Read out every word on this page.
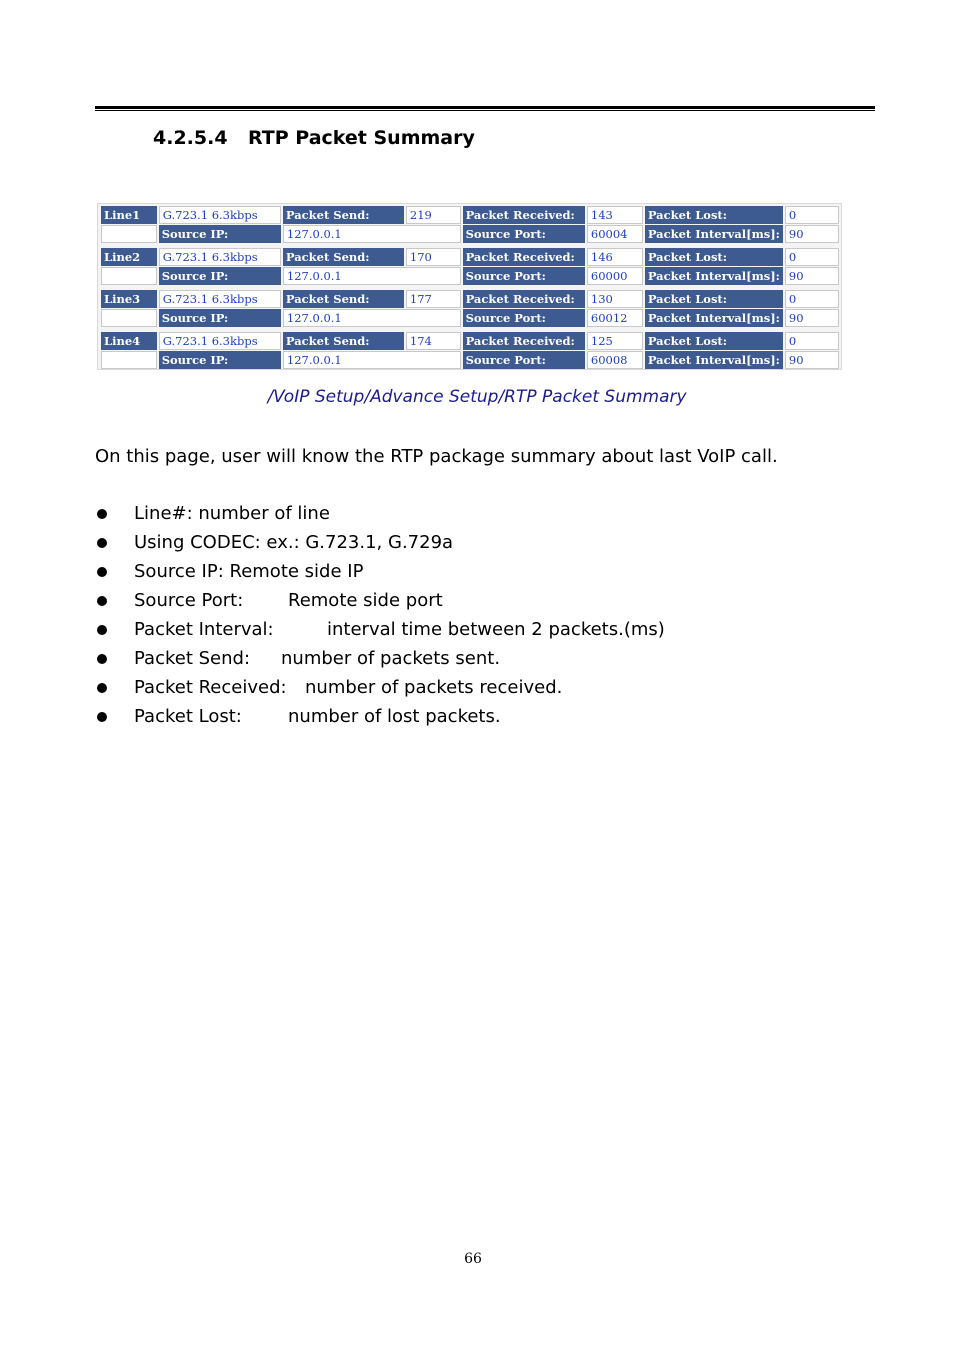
4.2.5.4 RTP Packet Summary
Line1	G.723.1 6.3kbps	Packet Send:	219	Packet Received:	143	Packet Lost:	0
	Source IP:	127.0.0.1		Source Port:	60004	Packet Interval[ms]:	90

Line2	G.723.1 6.3kbps	Packet Send:	170	Packet Received:	146	Packet Lost:	0
	Source IP:	127.0.0.1		Source Port:	60000	Packet Interval[ms]:	90

Line3	G.723.1 6.3kbps	Packet Send:	177	Packet Received:	130	Packet Lost:	0
	Source IP:	127.0.0.1		Source Port:	60012	Packet Interval[ms]:	90

Line4	G.723.1 6.3kbps	Packet Send:	174	Packet Received:	125	Packet Lost:	0
	Source IP:	127.0.0.1		Source Port:	60008	Packet Interval[ms]:	90
/VoIP Setup/Advance Setup/RTP Packet Summary
On this page, user will know the RTP package summary about last VoIP call.
Line#: number of line
Using CODEC: ex.: G.723.1, G.729a
Source IP: Remote side IP
Source Port: Remote side port
Packet Interval:	interval time between 2 packets.(ms)
Packet Send: number of packets sent.
Packet Received: number of packets received.
Packet Lost:	number of lost packets.
66
